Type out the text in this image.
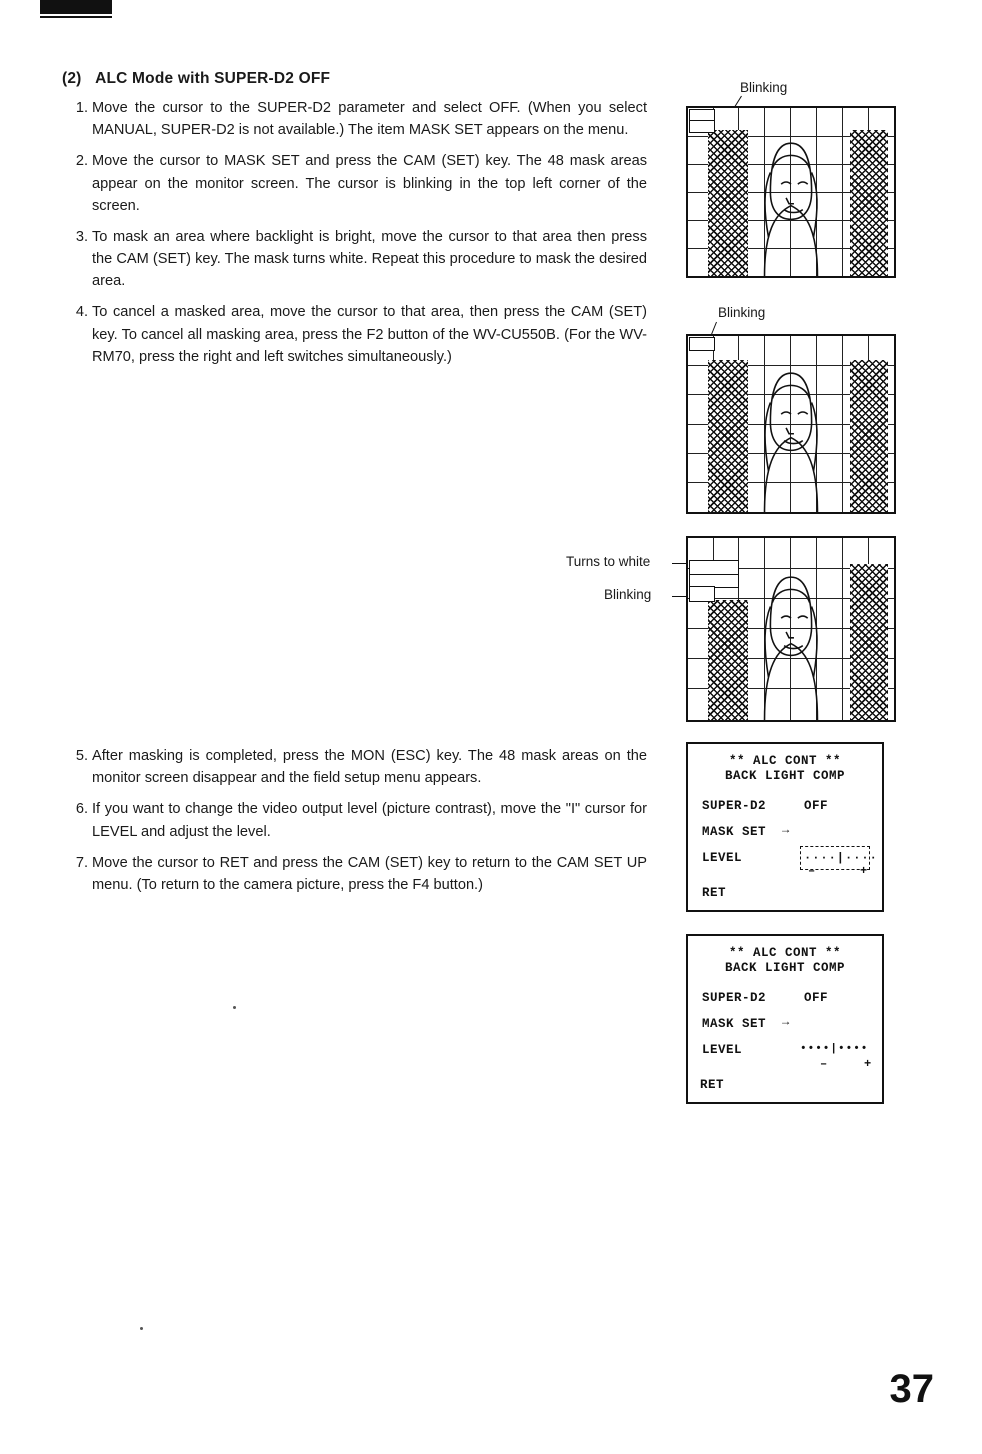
(2) ALC Mode with SUPER-D2 OFF
1. Move the cursor to the SUPER-D2 parameter and select OFF. (When you select MANUAL, SUPER-D2 is not available.) The item MASK SET appears on the menu.
2. Move the cursor to MASK SET and press the CAM (SET) key. The 48 mask areas appear on the monitor screen. The cursor is blinking in the top left corner of the screen.
3. To mask an area where backlight is bright, move the cursor to that area then press the CAM (SET) key. The mask turns white. Repeat this procedure to mask the desired area.
4. To cancel a masked area, move the cursor to that area, then press the CAM (SET) key. To cancel all masking area, press the F2 button of the WV-CU550B. (For the WV-RM70, press the right and left switches simultaneously.)
5. After masking is completed, press the MON (ESC) key. The 48 mask areas on the monitor screen disappear and the field setup menu appears.
6. If you want to change the video output level (picture contrast), move the "I" cursor for LEVEL and adjust the level.
7. Move the cursor to RET and press the CAM (SET) key to return to the CAM SET UP menu. (To return to the camera picture, press the F4 button.)
Blinking
Blinking
Turns to white
Blinking
** ALC CONT **
BACK LIGHT COMP
SUPER-D2	OFF
MASK SET →
LEVEL	····|····
–	+
RET
** ALC CONT **
BACK LIGHT COMP
SUPER-D2	OFF
MASK SET →
LEVEL	••••|••••
–	+
RET
37
